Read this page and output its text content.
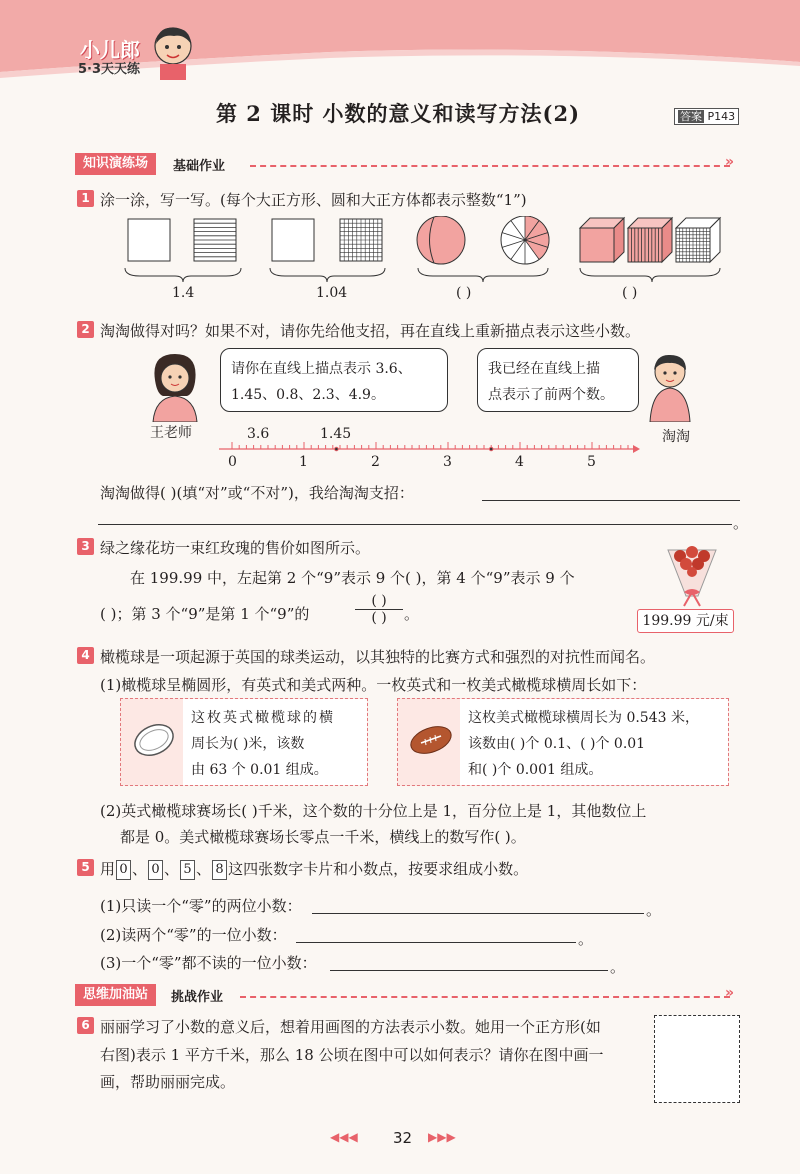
小儿郎
5·3天天练
第 2 课时 小数的意义和读写方法(2)	答案 P143
知识演练场	基础作业	»
1 涂一涂，写一写。(每个大正方形、圆和大正方体都表示整数“1”)
1.4	1.04	( )	( )
2 淘淘做得对吗？如果不对，请你先给他支招，再在直线上重新描点表示这些小数。
请你在直线上描点表示 3.6、
1.45、0.8、2.3、4.9。
我已经在直线上描
点表示了前两个数。
王老师	淘淘
3.6	1.45
0	1	2	3	4	5
淘淘做得( )(填“对”或“不对”)，我给淘淘支招：
。
3 绿之缘花坊一束红玫瑰的售价如图所示。
在 199.99 中，左起第 2 个“9”表示 9 个( )，第 4 个“9”表示 9 个
( )；第 3 个“9”是第 1 个“9”的
( )
( )	。	199.99 元/束
4 橄榄球是一项起源于英国的球类运动，以其独特的比赛方式和强烈的对抗性而闻名。
(1)橄榄球呈椭圆形，有英式和美式两种。一枚英式和一枚美式橄榄球横周长如下：
这枚英式橄榄球的横
周长为( )米，该数
由 63 个 0.01 组成。
这枚美式橄榄球横周长为 0.543 米，
该数由( )个 0.1、( )个 0.01
和( )个 0.001 组成。
(2)英式橄榄球赛场长( )千米，这个数的十分位上是 1，百分位上是 1，其他数位上
都是 0。美式橄榄球赛场长零点一千米，横线上的数写作( )。
5 用 0 、 0 、 5 、 8 这四张数字卡片和小数点，按要求组成小数。
(1)只读一个“零”的两位小数：	。
(2)读两个“零”的一位小数：	。
(3)一个“零”都不读的一位小数：	。
思维加油站	挑战作业	»
6 丽丽学习了小数的意义后，想着用画图的方法表示小数。她用一个正方形(如
右图)表示 1 平方千米，那么 18 公顷在图中可以如何表示？请你在图中画一
画，帮助丽丽完成。
◀◀◀ 32 ▶▶▶
